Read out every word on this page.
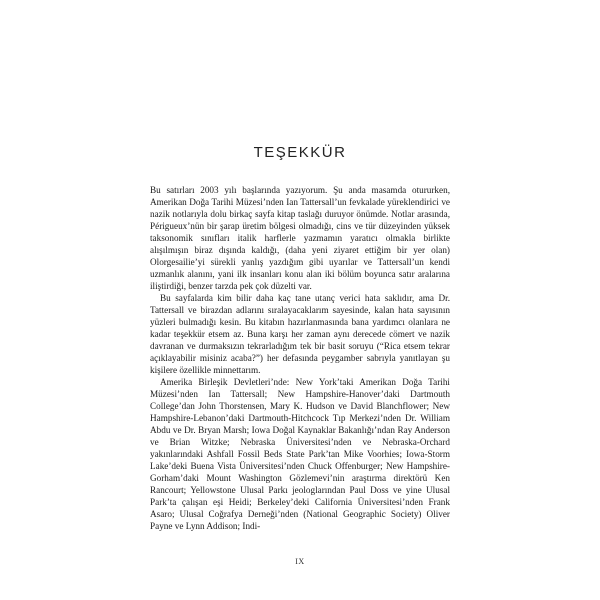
TEŞEKKÜR

Bu satırları 2003 yılı başlarında yazıyorum. Şu anda masamda otururken, Amerikan Doğa Tarihi Müzesi’nden Ian Tattersall’un fevkalade yüreklendirici ve nazik notlarıyla dolu birkaç sayfa kitap taslağı duruyor önümde. Notlar arasında, Périgueux’nün bir şarap üretim bölgesi olmadığı, cins ve tür düzeyinden yüksek taksonomik sınıfları italik harflerle yazmamın yaratıcı olmakla birlikte alışılmışın biraz dışında kaldığı, (daha yeni ziyaret ettiğim bir yer olan) Olorgesailie’yi sürekli yanlış yazdığım gibi uyarılar ve Tattersall’un kendi uzmanlık alanını, yani ilk insanları konu alan iki bölüm boyunca satır aralarına iliştirdiği, benzer tarzda pek çok düzelti var.

Bu sayfalarda kim bilir daha kaç tane utanç verici hata saklıdır, ama Dr. Tattersall ve birazdan adlarını sıralayacaklarım sayesinde, kalan hata sayısının yüzleri bulmadığı kesin. Bu kitabın hazırlanmasında bana yardımcı olanlara ne kadar teşekkür etsem az. Buna karşı her zaman aynı derecede cömert ve nazik davranan ve durmaksızın tekrarladığım tek bir basit soruyu (“Rica etsem tekrar açıklayabilir misiniz acaba?”) her defasında peygamber sabrıyla yanıtlayan şu kişilere özellikle minnettarım.

Amerika Birleşik Devletleri’nde: New York’taki Amerikan Doğa Tarihi Müzesi’nden Ian Tattersall; New Hampshire-Hanover’daki Dartmouth College’dan John Thorstensen, Mary K. Hudson ve David Blanchflower; New Hampshire-Lebanon’daki Dartmouth-Hitchcock Tıp Merkezi’nden Dr. William Abdu ve Dr. Bryan Marsh; Iowa Doğal Kaynaklar Bakanlığı’ndan Ray Anderson ve Brian Witzke; Nebraska Üniversitesi’nden ve Nebraska-Orchard yakınlarındaki Ashfall Fossil Beds State Park’tan Mike Voorhies; Iowa-Storm Lake’deki Buena Vista Üniversitesi’nden Chuck Offenburger; New Hampshire-Gorham’daki Mount Washington Gözlemevi’nin araştırma direktörü Ken Rancourt; Yellowstone Ulusal Parkı jeologlarından Paul Doss ve yine Ulusal Park’ta çalışan eşi Heidi; Berkeley’deki California Üniversitesi’nden Frank Asaro; Ulusal Coğrafya Derneği’nden (National Geographic Society) Oliver Payne ve Lynn Addison; Indi-

IX
